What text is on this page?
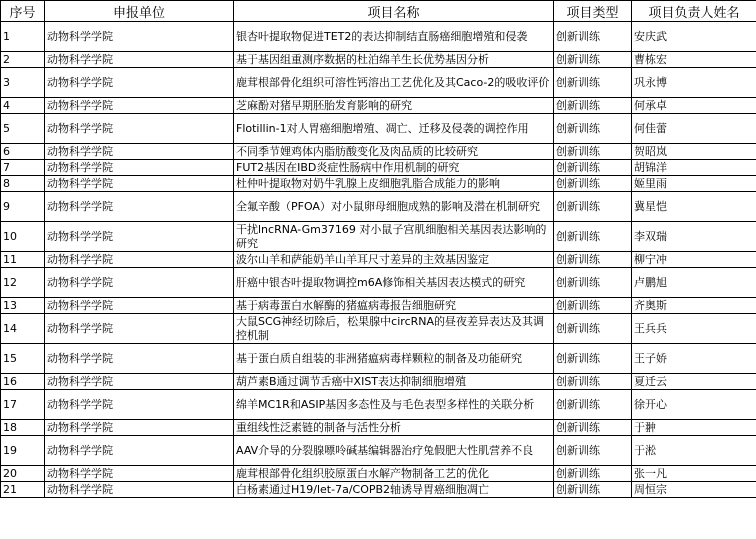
序号	申报单位	项目名称	项目类型	项目负责人姓名
1	动物科学学院	银杏叶提取物促进TET2的表达抑制结直肠癌细胞增殖和侵袭	创新训练	安庆武
2	动物科学学院	基于基因组重测序数据的杜泊绵羊生长优势基因分析	创新训练	曹栋宏
3	动物科学学院	鹿茸根部骨化组织可溶性钙溶出工艺优化及其Caco-2的吸收评价	创新训练	巩永博
4	动物科学学院	芝麻酚对猪早期胚胎发育影响的研究	创新训练	何承卓
5	动物科学学院	Flotillin-1对人胃癌细胞增殖、凋亡、迁移及侵袭的调控作用	创新训练	何佳蕾
6	动物科学学院	不同季节娌鸡体内脂肪酸变化及肉品质的比较研究	创新训练	贺昭岚
7	动物科学学院	FUT2基因在IBD炎症性肠病中作用机制的研究	创新训练	胡锦洋
8	动物科学学院	杜仲叶提取物对奶牛乳腺上皮细胞乳脂合成能力的影响	创新训练	姬里雨
9	动物科学学院	全氟辛酸（PFOA）对小鼠卵母细胞成熟的影响及潜在机制研究	创新训练	冀星恺
10	动物科学学院	干扰lncRNA-Gm37169 对小鼠子宫肌细胞相关基因表达影响的研究	创新训练	李双瑞
11	动物科学学院	波尔山羊和萨能奶羊山羊耳尺寸差异的主效基因鉴定	创新训练	柳宁冲
12	动物科学学院	肝癌中银杏叶提取物调控m6A修饰相关基因表达模式的研究	创新训练	卢鹏旭
13	动物科学学院	基于病毒蛋白水解酶的猪瘟病毒报告细胞研究	创新训练	齐奥斯
14	动物科学学院	大鼠SCG神经切除后，松果腺中circRNA的昼夜差异表达及其调控机制	创新训练	王兵兵
15	动物科学学院	基于蛋白质自组装的非洲猪瘟病毒样颗粒的制备及功能研究	创新训练	王子娇
16	动物科学学院	葫芦素B通过调节舌癌中XIST表达抑制细胞增殖	创新训练	夏迁云
17	动物科学学院	绵羊MC1R和ASIP基因多态性及与毛色表型多样性的关联分析	创新训练	徐开心
18	动物科学学院	重组线性泛素链的制备与活性分析	创新训练	于翀
19	动物科学学院	AAV介导的分裂腺嘌呤碱基编辑器治疗兔假肥大性肌营养不良	创新训练	于淞
20	动物科学学院	鹿茸根部骨化组织胶原蛋白水解产物制备工艺的优化	创新训练	张一凡
21	动物科学学院	白杨素通过H19/let-7a/COPB2轴诱导胃癌细胞凋亡	创新训练	周恒宗
